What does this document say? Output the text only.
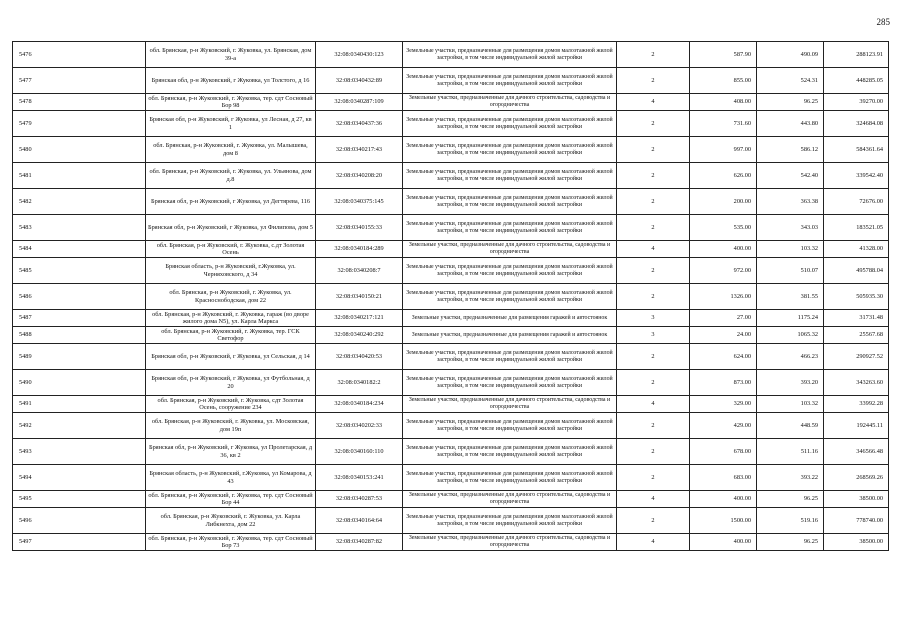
285
5476	обл. Брянская, р-н Жуковский, г. Жуковка, ул. Брянская, дом 39-а	32:08:0340430:123	Земельные участки, предназначенные для размещения домов малоэтажной жилой застройки, в том числе индивидуальной жилой застройки	2	587.90	490.09	288123.91
5477	Брянская обл, р-н Жуковский, г Жуковка, ул Толстого, д 16	32:08:0340432:89	Земельные участки, предназначенные для размещения домов малоэтажной жилой застройки, в том числе индивидуальной жилой застройки	2	855.00	524.31	448285.05
5478	обл. Брянская, р-н Жуковский, г. Жуковка, тер. сдт Сосновый Бор 98	32:08:0340287:109	Земельные участки, предназначенные для дачного строительства, садоводства и огородничества	4	408.00	96.25	39270.00
5479	Брянская обл, р-н Жуковский, г Жуковка, ул Лесная, д 27, кв 1	32:08:0340437:36	Земельные участки, предназначенные для размещения домов малоэтажной жилой застройки, в том числе индивидуальной жилой застройки	2	731.60	443.80	324684.08
5480	обл. Брянская, р-н Жуковский, г. Жуковка, ул. Малышева, дом 8	32:08:0340217:43	Земельные участки, предназначенные для размещения домов малоэтажной жилой застройки, в том числе индивидуальной жилой застройки	2	997.00	586.12	584361.64
5481	обл. Брянская, р-н Жуковский, г. Жуковка, ул. Ульянова, дом д.8	32:08:0340208:20	Земельные участки, предназначенные для размещения домов малоэтажной жилой застройки, в том числе индивидуальной жилой застройки	2	626.00	542.40	339542.40
5482	Брянская обл, р-н Жуковский, г Жуковка, ул Дегтярева, 116	32:08:0340375:145	Земельные участки, предназначенные для размещения домов малоэтажной жилой застройки, в том числе индивидуальной жилой застройки	2	200.00	363.38	72676.00
5483	Брянская обл, р-н Жуковский, г Жуковка, ул Филипова, дом 5	32:08:0340155:33	Земельные участки, предназначенные для размещения домов малоэтажной жилой застройки, в том числе индивидуальной жилой застройки	2	535.00	343.03	183521.05
5484	обл. Брянская, р-н Жуковский, г. Жуковка, с.дт Золотая Осень	32:08:0340184:289	Земельные участки, предназначенные для дачного строительства, садоводства и огородничества	4	400.00	103.32	41328.00
5485	Брянская область, р-н Жуковский, г.Жуковка, ул. Черняховского, д 34	32:08:0340208:7	Земельные участки, предназначенные для размещения домов малоэтажной жилой застройки, в том числе индивидуальной жилой застройки	2	972.00	510.07	495788.04
5486	обл. Брянская, р-н Жуковский, г. Жуковка, ул. Красноснободская, дом 22	32:08:0340150:21	Земельные участки, предназначенные для размещения домов малоэтажной жилой застройки, в том числе индивидуальной жилой застройки	2	1326.00	381.55	505935.30
5487	обл. Брянская, р-н Жуковский, г. Жуковка, гараж (во дворе жилого дома N5), ул. Карла Маркса	32:08:0340217:121	Земельные участки, предназначенные для размещения гаражей и автостоянок	3	27.00	1175.24	31731.48
5488	обл. Брянская, р-н Жуковский, г. Жуковка, тер. ГСК Светофор	32:08:0340240:292	Земельные участки, предназначенные для размещения гаражей и автостоянок	3	24.00	1065.32	25567.68
5489	Брянская обл, р-н Жуковский, г Жуковка, ул Сельская, д 14	32:08:0340420:53	Земельные участки, предназначенные для размещения домов малоэтажной жилой застройки, в том числе индивидуальной жилой застройки	2	624.00	466.23	290927.52
5490	Брянская обл, р-н Жуковский, г Жуковка, ул Футбольная, д 20	32:08:0340182:2	Земельные участки, предназначенные для размещения домов малоэтажной жилой застройки, в том числе индивидуальной жилой застройки	2	873.00	393.20	343263.60
5491	обл. Брянская, р-н Жуковский, г. Жуковка, сдт Золотая Осень, сооружение 234	32:08:0340184:234	Земельные участки, предназначенные для дачного строительства, садоводства и огородничества	4	329.00	103.32	33992.28
5492	обл. Брянская, р-н Жуковский, г. Жуковка, ул. Московская, дом 19п	32:08:0340202:33	Земельные участки, предназначенные для размещения домов малоэтажной жилой застройки, в том числе индивидуальной жилой застройки	2	429.00	448.59	192445.11
5493	Брянская обл, р-н Жуковский, г Жуковка, ул Пролетарская, д 36, кв 2	32:08:0340160:110	Земельные участки, предназначенные для размещения домов малоэтажной жилой застройки, в том числе индивидуальной жилой застройки	2	678.00	511.16	346566.48
5494	Брянская область, р-н Жуковский, г.Жуковка, ул Комарова, д 43	32:08:0340153:241	Земельные участки, предназначенные для размещения домов малоэтажной жилой застройки, в том числе индивидуальной жилой застройки	2	683.00	393.22	268569.26
5495	обл. Брянская, р-н Жуковский, г. Жуковка, тер. сдт Сосновый Бор 44	32:08:0340287:53	Земельные участки, предназначенные для дачного строительства, садоводства и огородничества	4	400.00	96.25	38500.00
5496	обл. Брянская, р-н Жуковский, г. Жуковка, ул. Карла Либкнехта, дом 22	32:08:0340164:64	Земельные участки, предназначенные для размещения домов малоэтажной жилой застройки, в том числе индивидуальной жилой застройки	2	1500.00	519.16	778740.00
5497	обл. Брянская, р-н Жуковский, г. Жуковка, тер. сдт Сосновый Бор 73	32:08:0340287:82	Земельные участки, предназначенные для дачного строительства, садоводства и огородничества	4	400.00	96.25	38500.00
